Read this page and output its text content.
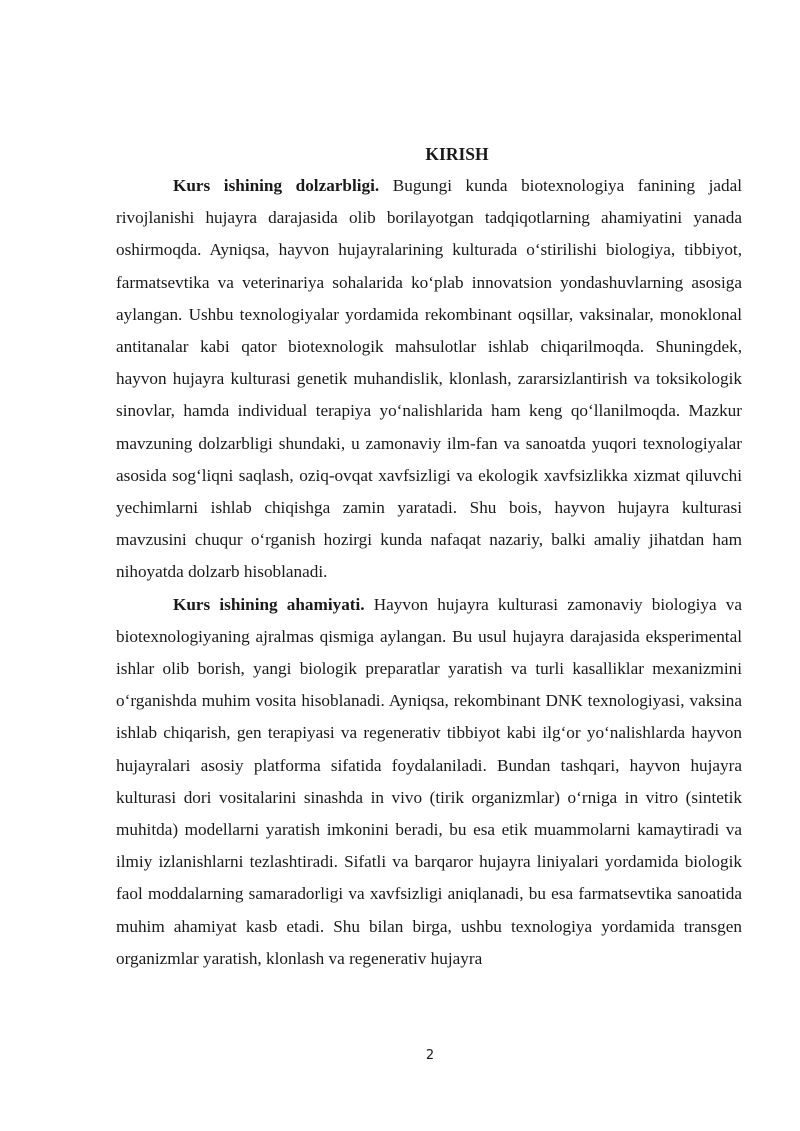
KIRISH

Kurs ishining dolzarbligi. Bugungi kunda biotexnologiya fanining jadal rivojlanishi hujayra darajasida olib borilayotgan tadqiqotlarning ahamiyatini yanada oshirmoqda. Ayniqsa, hayvon hujayralarining kulturada oʻstirilishi biologiya, tibbiyot, farmatsevtika va veterinariya sohalarida koʻplab innovatsion yondashuvlarning asosiga aylangan. Ushbu texnologiyalar yordamida rekombinant oqsillar, vaksinalar, monoklonal antitanalar kabi qator biotexnologik mahsulotlar ishlab chiqarilmoqda. Shuningdek, hayvon hujayra kulturasi genetik muhandislik, klonlash, zararsizlantirish va toksikologik sinovlar, hamda individual terapiya yoʻnalishlarida ham keng qoʻllanilmoqda. Mazkur mavzuning dolzarbligi shundaki, u zamonaviy ilm-fan va sanoatda yuqori texnologiyalar asosida sogʻliqni saqlash, oziq-ovqat xavfsizligi va ekologik xavfsizlikka xizmat qiluvchi yechimlarni ishlab chiqishga zamin yaratadi. Shu bois, hayvon hujayra kulturasi mavzusini chuqur oʻrganish hozirgi kunda nafaqat nazariy, balki amaliy jihatdan ham nihoyatda dolzarb hisoblanadi.

Kurs ishining ahamiyati. Hayvon hujayra kulturasi zamonaviy biologiya va biotexnologiyaning ajralmas qismiga aylangan. Bu usul hujayra darajasida eksperimental ishlar olib borish, yangi biologik preparatlar yaratish va turli kasalliklar mexanizmini oʻrganishda muhim vosita hisoblanadi. Ayniqsa, rekombinant DNK texnologiyasi, vaksina ishlab chiqarish, gen terapiyasi va regenerativ tibbiyot kabi ilgʻor yoʻnalishlarda hayvon hujayralari asosiy platforma sifatida foydalaniladi. Bundan tashqari, hayvon hujayra kulturasi dori vositalarini sinashda in vivo (tirik organizmlar) oʻrniga in vitro (sintetik muhitda) modellarni yaratish imkonini beradi, bu esa etik muammolarni kamaytiradi va ilmiy izlanishlarni tezlashtiradi. Sifatli va barqaror hujayra liniyalari yordamida biologik faol moddalarning samaradorligi va xavfsizligi aniqlanadi, bu esa farmatsevtika sanoatida muhim ahamiyat kasb etadi. Shu bilan birga, ushbu texnologiya yordamida transgen organizmlar yaratish, klonlash va regenerativ hujayra

2
